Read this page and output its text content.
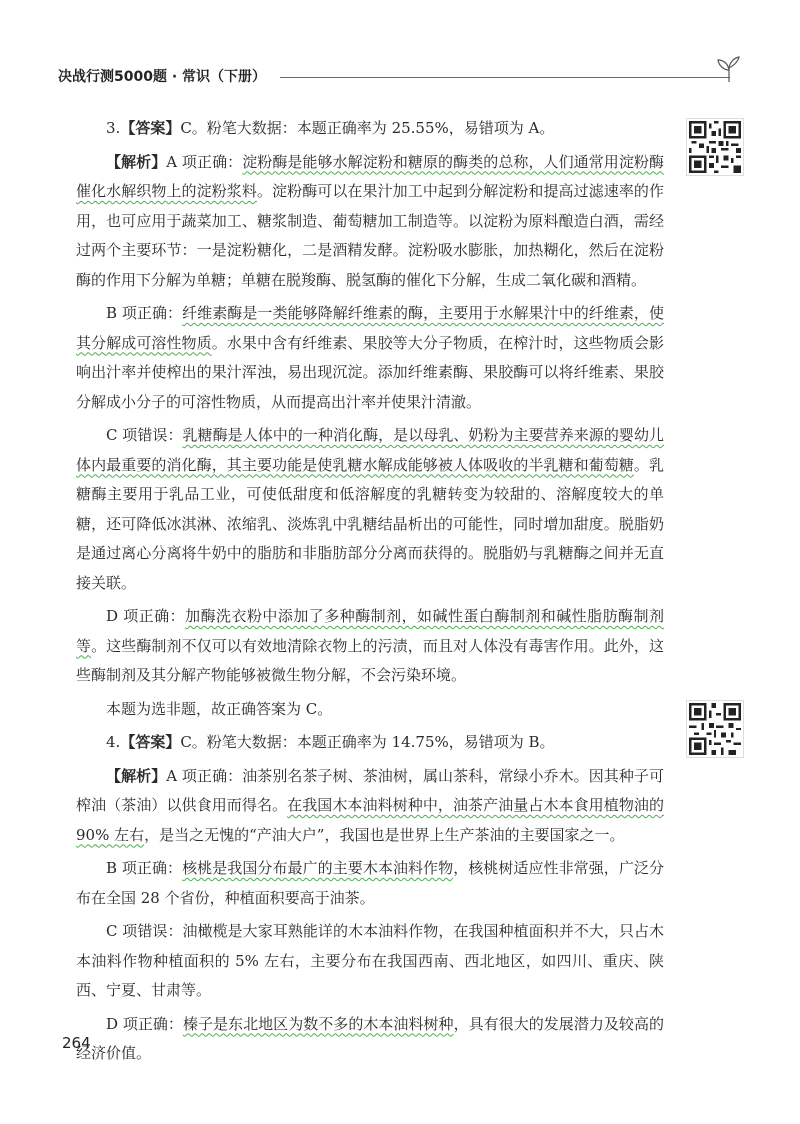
决战行测5000题 · 常识（下册）

3.【答案】C。粉笔大数据：本题正确率为 25.55%，易错项为 A。

【解析】A 项正确：淀粉酶是能够水解淀粉和糖原的酶类的总称，人们通常用淀粉酶催化水解织物上的淀粉浆料。淀粉酶可以在果汁加工中起到分解淀粉和提高过滤速率的作用，也可应用于蔬菜加工、糖浆制造、葡萄糖加工制造等。以淀粉为原料酿造白酒，需经过两个主要环节：一是淀粉糖化，二是酒精发酵。淀粉吸水膨胀，加热糊化，然后在淀粉酶的作用下分解为单糖；单糖在脱羧酶、脱氢酶的催化下分解，生成二氧化碳和酒精。

B 项正确：纤维素酶是一类能够降解纤维素的酶，主要用于水解果汁中的纤维素，使其分解成可溶性物质。水果中含有纤维素、果胶等大分子物质，在榨汁时，这些物质会影响出汁率并使榨出的果汁浑浊，易出现沉淀。添加纤维素酶、果胶酶可以将纤维素、果胶分解成小分子的可溶性物质，从而提高出汁率并使果汁清澈。

C 项错误：乳糖酶是人体中的一种消化酶，是以母乳、奶粉为主要营养来源的婴幼儿体内最重要的消化酶，其主要功能是使乳糖水解成能够被人体吸收的半乳糖和葡萄糖。乳糖酶主要用于乳品工业，可使低甜度和低溶解度的乳糖转变为较甜的、溶解度较大的单糖，还可降低冰淇淋、浓缩乳、淡炼乳中乳糖结晶析出的可能性，同时增加甜度。脱脂奶是通过离心分离将牛奶中的脂肪和非脂肪部分分离而获得的。脱脂奶与乳糖酶之间并无直接关联。

D 项正确：加酶洗衣粉中添加了多种酶制剂，如碱性蛋白酶制剂和碱性脂肪酶制剂等。这些酶制剂不仅可以有效地清除衣物上的污渍，而且对人体没有毒害作用。此外，这些酶制剂及其分解产物能够被微生物分解，不会污染环境。

本题为选非题，故正确答案为 C。

4.【答案】C。粉笔大数据：本题正确率为 14.75%，易错项为 B。

【解析】A 项正确：油茶别名茶子树、茶油树，属山茶科，常绿小乔木。因其种子可榨油（茶油）以供食用而得名。在我国木本油料树种中，油茶产油量占木本食用植物油的 90% 左右，是当之无愧的“产油大户”，我国也是世界上生产茶油的主要国家之一。

B 项正确：核桃是我国分布最广的主要木本油料作物，核桃树适应性非常强，广泛分布在全国 28 个省份，种植面积要高于油茶。

C 项错误：油橄榄是大家耳熟能详的木本油料作物，在我国种植面积并不大，只占木本油料作物种植面积的 5% 左右，主要分布在我国西南、西北地区，如四川、重庆、陕西、宁夏、甘肃等。

D 项正确：榛子是东北地区为数不多的木本油料树种，具有很大的发展潜力及较高的经济价值。

264
